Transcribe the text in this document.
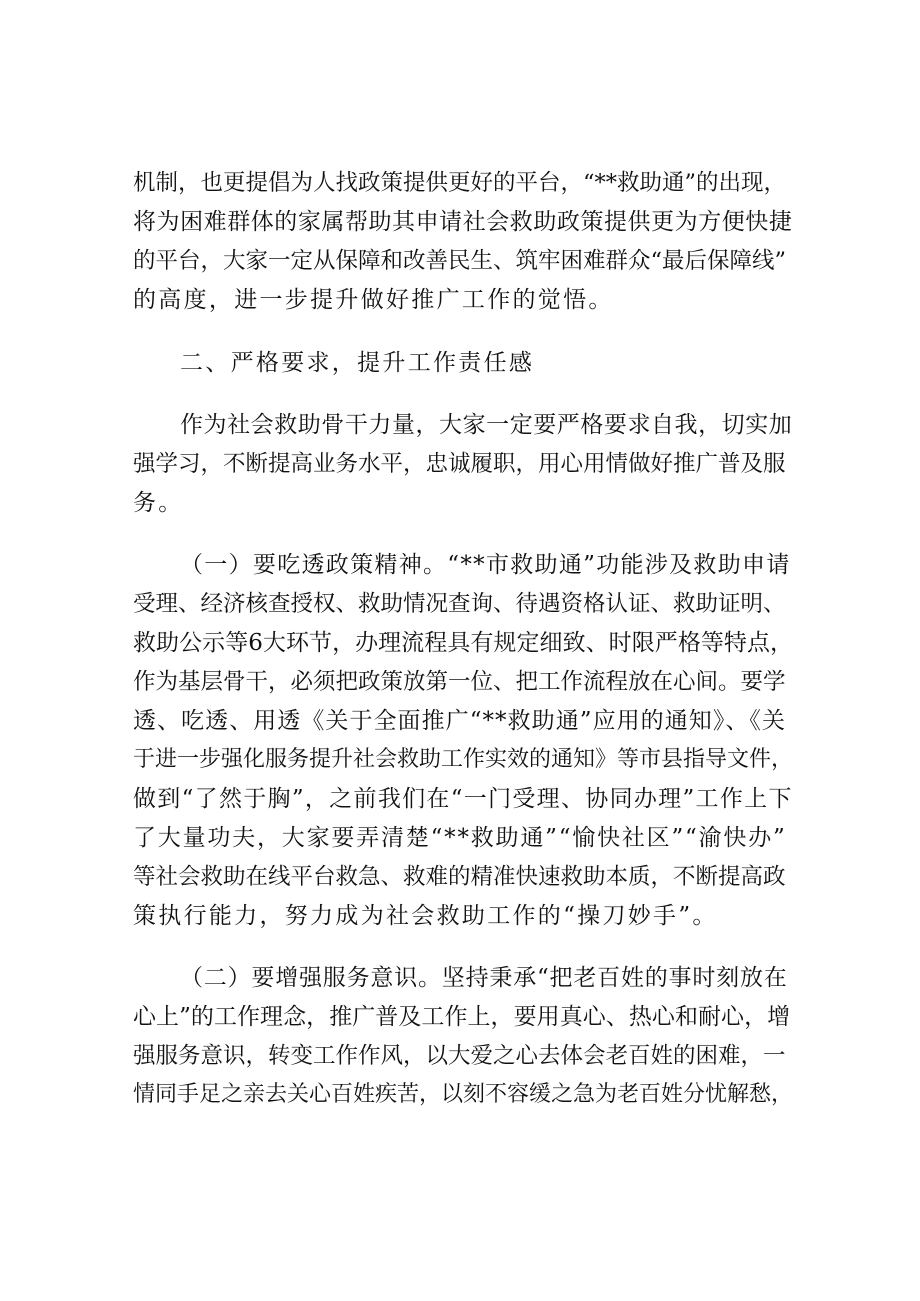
机制，也更提倡为人找政策提供更好的平台，“**救助通”的出现，
将为困难群体的家属帮助其申请社会救助政策提供更为方便快捷
的平台，大家一定从保障和改善民生、筑牢困难群众“最后保障线”
的高度，进一步提升做好推广工作的觉悟。
二、严格要求，提升工作责任感
作为社会救助骨干力量，大家一定要严格要求自我，切实加
强学习，不断提高业务水平，忠诚履职，用心用情做好推广普及服
务。
（一）要吃透政策精神。“**市救助通”功能涉及救助申请
受理、经济核查授权、救助情况查询、待遇资格认证、救助证明、
救助公示等6大环节，办理流程具有规定细致、时限严格等特点，
作为基层骨干，必须把政策放第一位、把工作流程放在心间。要学
透、吃透、用透《关于全面推广“**救助通”应用的通知》、《关
于进一步强化服务提升社会救助工作实效的通知》等市县指导文件，
做到“了然于胸”，之前我们在“一门受理、协同办理”工作上下
了大量功夫，大家要弄清楚“**救助通”“愉快社区”“渝快办”
等社会救助在线平台救急、救难的精准快速救助本质，不断提高政
策执行能力，努力成为社会救助工作的“操刀妙手”。
（二）要增强服务意识。坚持秉承“把老百姓的事时刻放在
心上”的工作理念，推广普及工作上，要用真心、热心和耐心，增
强服务意识，转变工作作风，以大爱之心去体会老百姓的困难，一
情同手足之亲去关心百姓疾苦，以刻不容缓之急为老百姓分忧解愁，
